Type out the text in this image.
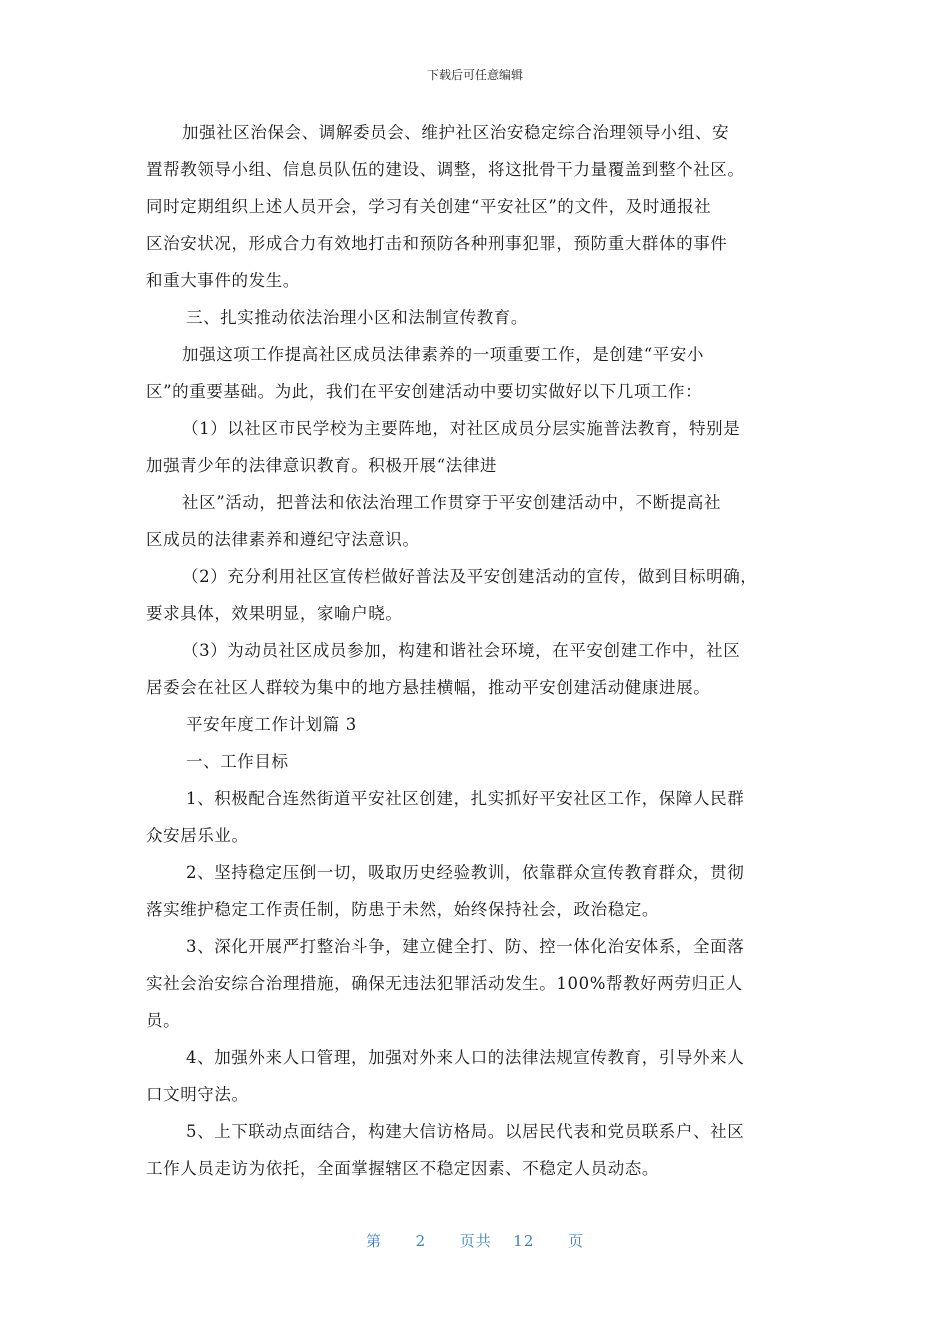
下载后可任意编辑
加强社区治保会、调解委员会、维护社区治安稳定综合治理领导小组、安
置帮教领导小组、信息员队伍的建设、调整，将这批骨干力量覆盖到整个社区。
同时定期组织上述人员开会，学习有关创建“平安社区”的文件，及时通报社
区治安状况，形成合力有效地打击和预防各种刑事犯罪，预防重大群体的事件
和重大事件的发生。
三、扎实推动依法治理小区和法制宣传教育。
加强这项工作提高社区成员法律素养的一项重要工作，是创建“平安小
区”的重要基础。为此，我们在平安创建活动中要切实做好以下几项工作：
（1）以社区市民学校为主要阵地，对社区成员分层实施普法教育，特别是
加强青少年的法律意识教育。积极开展“法律进
社区”活动，把普法和依法治理工作贯穿于平安创建活动中，不断提高社
区成员的法律素养和遵纪守法意识。
（2）充分利用社区宣传栏做好普法及平安创建活动的宣传，做到目标明确，
要求具体，效果明显，家喻户晓。
（3）为动员社区成员参加，构建和谐社会环境，在平安创建工作中，社区
居委会在社区人群较为集中的地方悬挂横幅，推动平安创建活动健康进展。
平安年度工作计划篇 3
一、工作目标
1、积极配合连然街道平安社区创建，扎实抓好平安社区工作，保障人民群
众安居乐业。
2、坚持稳定压倒一切，吸取历史经验教训，依靠群众宣传教育群众，贯彻
落实维护稳定工作责任制，防患于未然，始终保持社会，政治稳定。
3、深化开展严打整治斗争，建立健全打、防、控一体化治安体系，全面落
实社会治安综合治理措施，确保无违法犯罪活动发生。100%帮教好两劳归正人
员。
4、加强外来人口管理，加强对外来人口的法律法规宣传教育，引导外来人
口文明守法。
5、上下联动点面结合，构建大信访格局。以居民代表和党员联系户、社区
工作人员走访为依托，全面掌握辖区不稳定因素、不稳定人员动态。
第 2 页共 12 页
